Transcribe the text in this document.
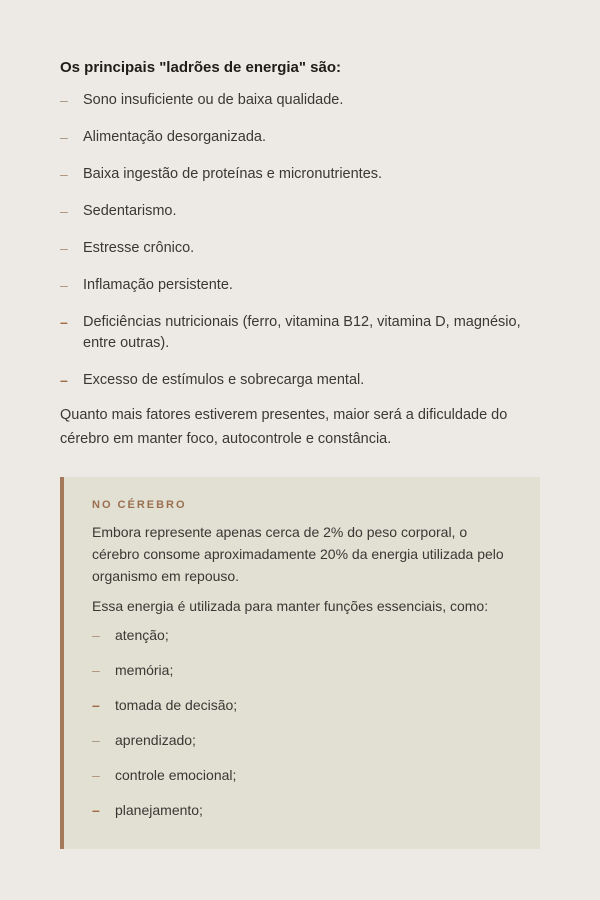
Os principais "ladrões de energia" são:
– Sono insuficiente ou de baixa qualidade.
– Alimentação desorganizada.
– Baixa ingestão de proteínas e micronutrientes.
– Sedentarismo.
– Estresse crônico.
– Inflamação persistente.
– Deficiências nutricionais (ferro, vitamina B12, vitamina D, magnésio, entre outras).
– Excesso de estímulos e sobrecarga mental.

Quanto mais fatores estiverem presentes, maior será a dificuldade do cérebro em manter foco, autocontrole e constância.

NO CÉREBRO

Embora represente apenas cerca de 2% do peso corporal, o cérebro consome aproximadamente 20% da energia utilizada pelo organismo em repouso.

Essa energia é utilizada para manter funções essenciais, como:

– atenção;
– memória;
– tomada de decisão;
– aprendizado;
– controle emocional;
– planejamento;
